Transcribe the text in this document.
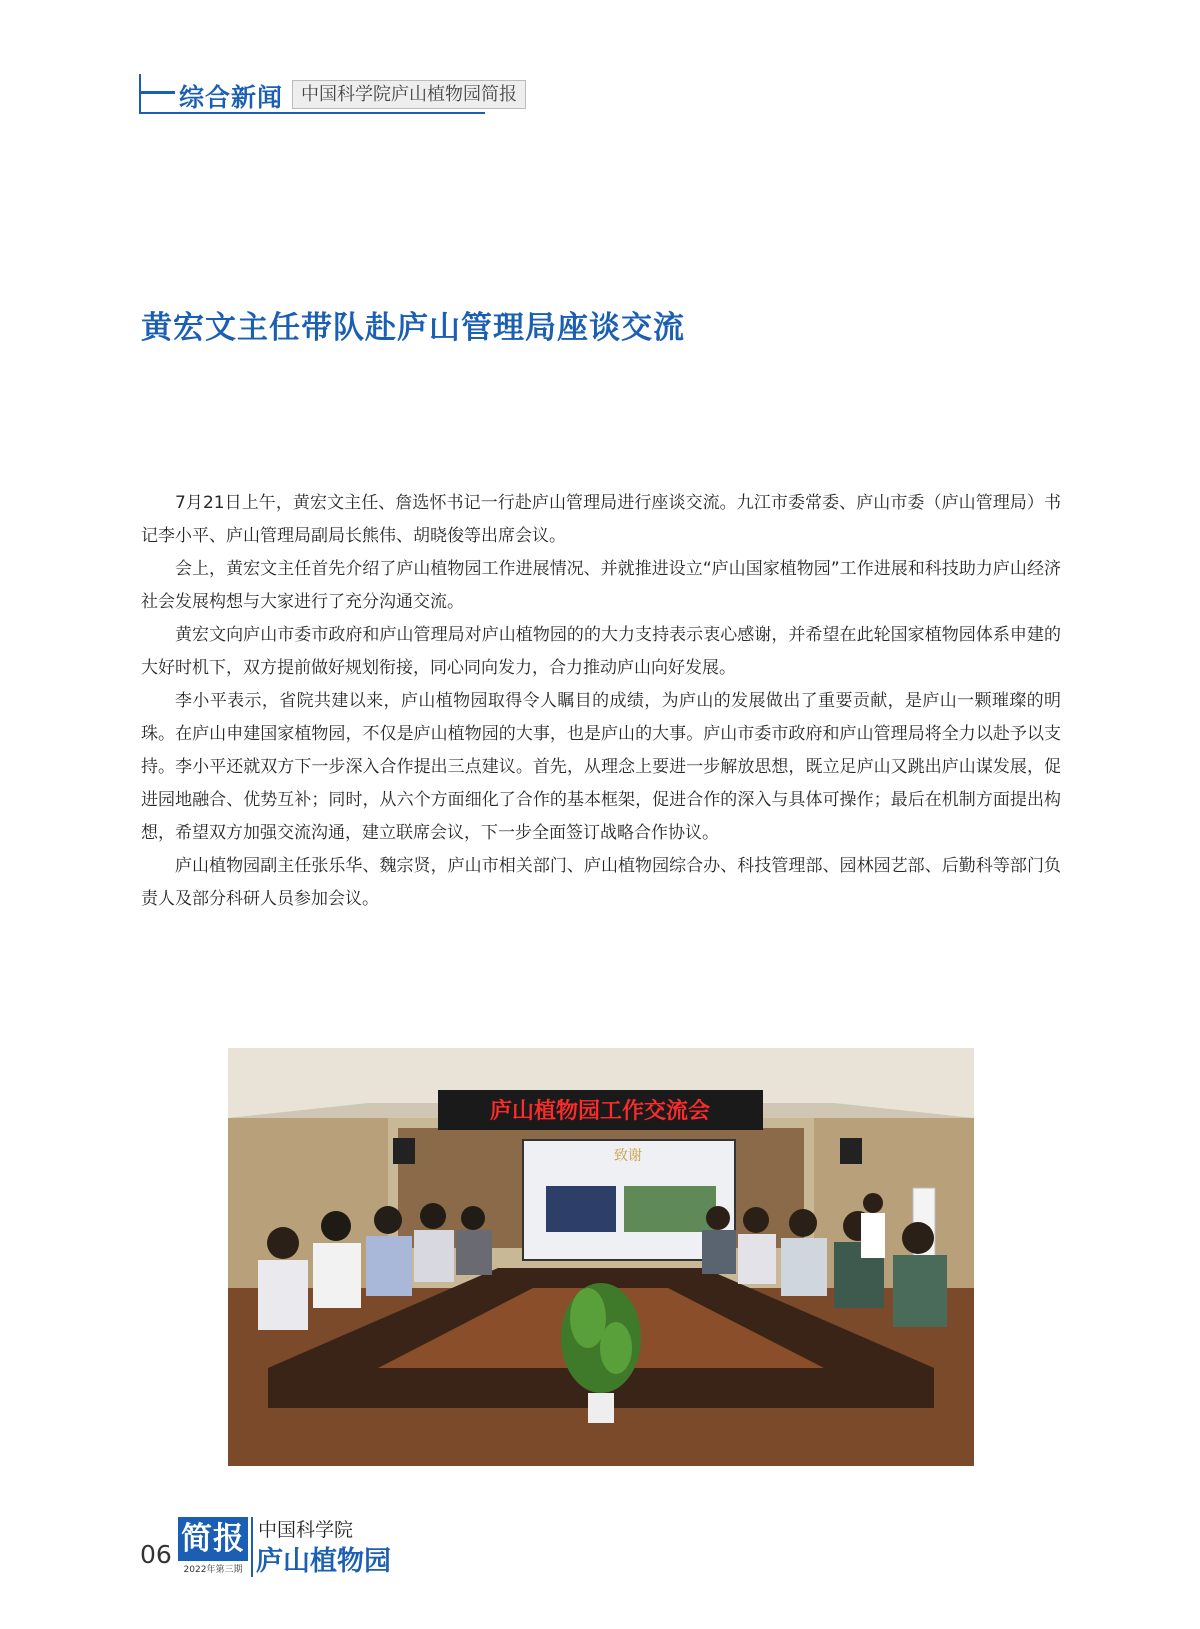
综合新闻 中国科学院庐山植物园简报
黄宏文主任带队赴庐山管理局座谈交流

7月21日上午，黄宏文主任、詹选怀书记一行赴庐山管理局进行座谈交流。九江市委常委、庐山市委（庐山管理局）书记李小平、庐山管理局副局长熊伟、胡晓俊等出席会议。

会上，黄宏文主任首先介绍了庐山植物园工作进展情况、并就推进设立“庐山国家植物园”工作进展和科技助力庐山经济社会发展构想与大家进行了充分沟通交流。

黄宏文向庐山市委市政府和庐山管理局对庐山植物园的的大力支持表示衷心感谢，并希望在此轮国家植物园体系申建的大好时机下，双方提前做好规划衔接，同心同向发力，合力推动庐山向好发展。

李小平表示，省院共建以来，庐山植物园取得令人瞩目的成绩，为庐山的发展做出了重要贡献，是庐山一颗璀璨的明珠。在庐山申建国家植物园，不仅是庐山植物园的大事，也是庐山的大事。庐山市委市政府和庐山管理局将全力以赴予以支持。李小平还就双方下一步深入合作提出三点建议。首先，从理念上要进一步解放思想，既立足庐山又跳出庐山谋发展，促进园地融合、优势互补；同时，从六个方面细化了合作的基本框架，促进合作的深入与具体可操作；最后在机制方面提出构想，希望双方加强交流沟通，建立联席会议，下一步全面签订战略合作协议。

庐山植物园副主任张乐华、魏宗贤，庐山市相关部门、庐山植物园综合办、科技管理部、园林园艺部、后勤科等部门负责人及部分科研人员参加会议。

庐山植物园工作交流会
致谢
06 简报
2022年第三期
中国科学院
庐山植物园
